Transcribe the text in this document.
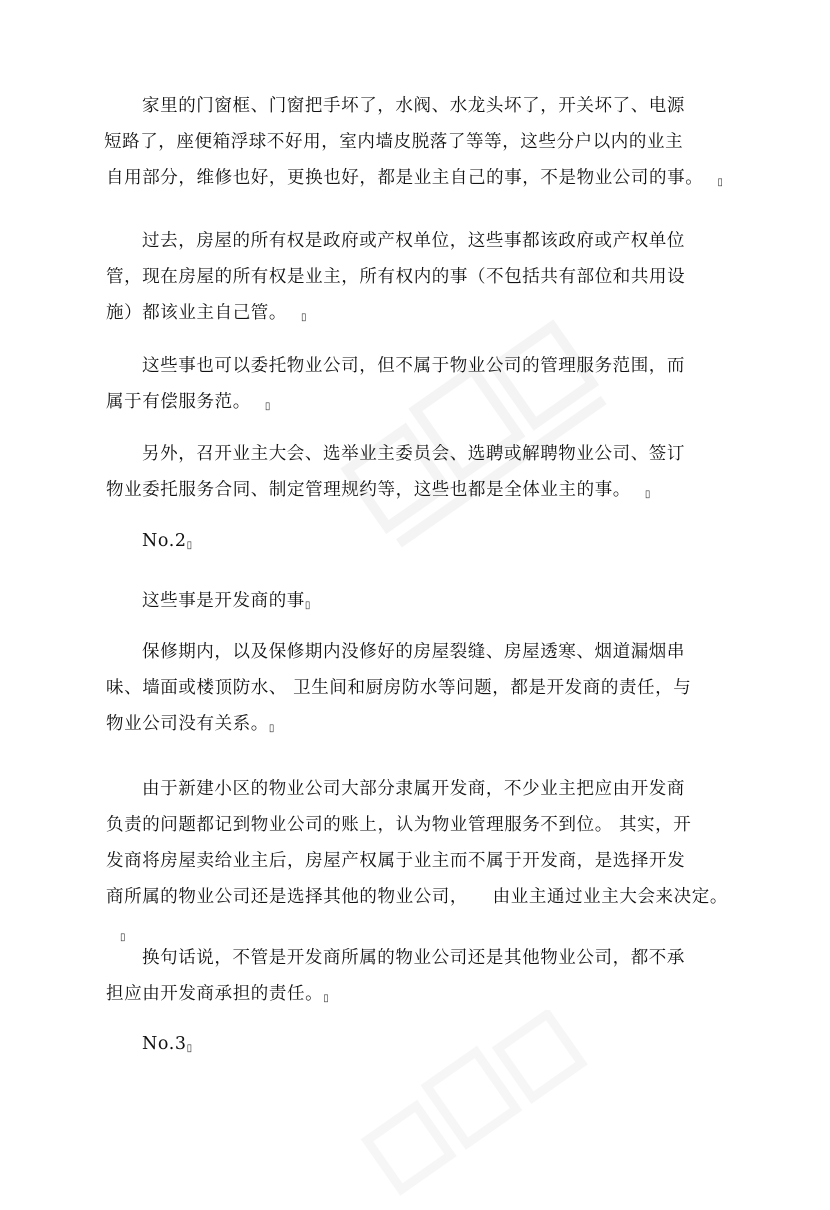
家里的门窗框、门窗把手坏了，水阀、水龙头坏了，开关坏了、电源
短路了，座便箱浮球不好用，室内墙皮脱落了等等，这些分户以内的业主
自用部分，维修也好，更换也好，都是业主自己的事，不是物业公司的事。 ▯

过去，房屋的所有权是政府或产权单位，这些事都该政府或产权单位
管，现在房屋的所有权是业主，所有权内的事（不包括共有部位和共用设
施）都该业主自己管。 ▯

这些事也可以委托物业公司，但不属于物业公司的管理服务范围，而
属于有偿服务范。 ▯

另外，召开业主大会、选举业主委员会、选聘或解聘物业公司、签订
物业委托服务合同、制定管理规约等，这些也都是全体业主的事。 ▯

No.2▯

这些事是开发商的事▯

保修期内，以及保修期内没修好的房屋裂缝、房屋透寒、烟道漏烟串
味、墙面或楼顶防水、 卫生间和厨房防水等问题，都是开发商的责任，与
物业公司没有关系。▯

由于新建小区的物业公司大部分隶属开发商，不少业主把应由开发商
负责的问题都记到物业公司的账上，认为物业管理服务不到位。 其实，开
发商将房屋卖给业主后，房屋产权属于业主而不属于开发商，是选择开发
商所属的物业公司还是选择其他的物业公司，    由业主通过业主大会来决定。▯

换句话说，不管是开发商所属的物业公司还是其他物业公司，都不承
担应由开发商承担的责任。▯

No.3▯
